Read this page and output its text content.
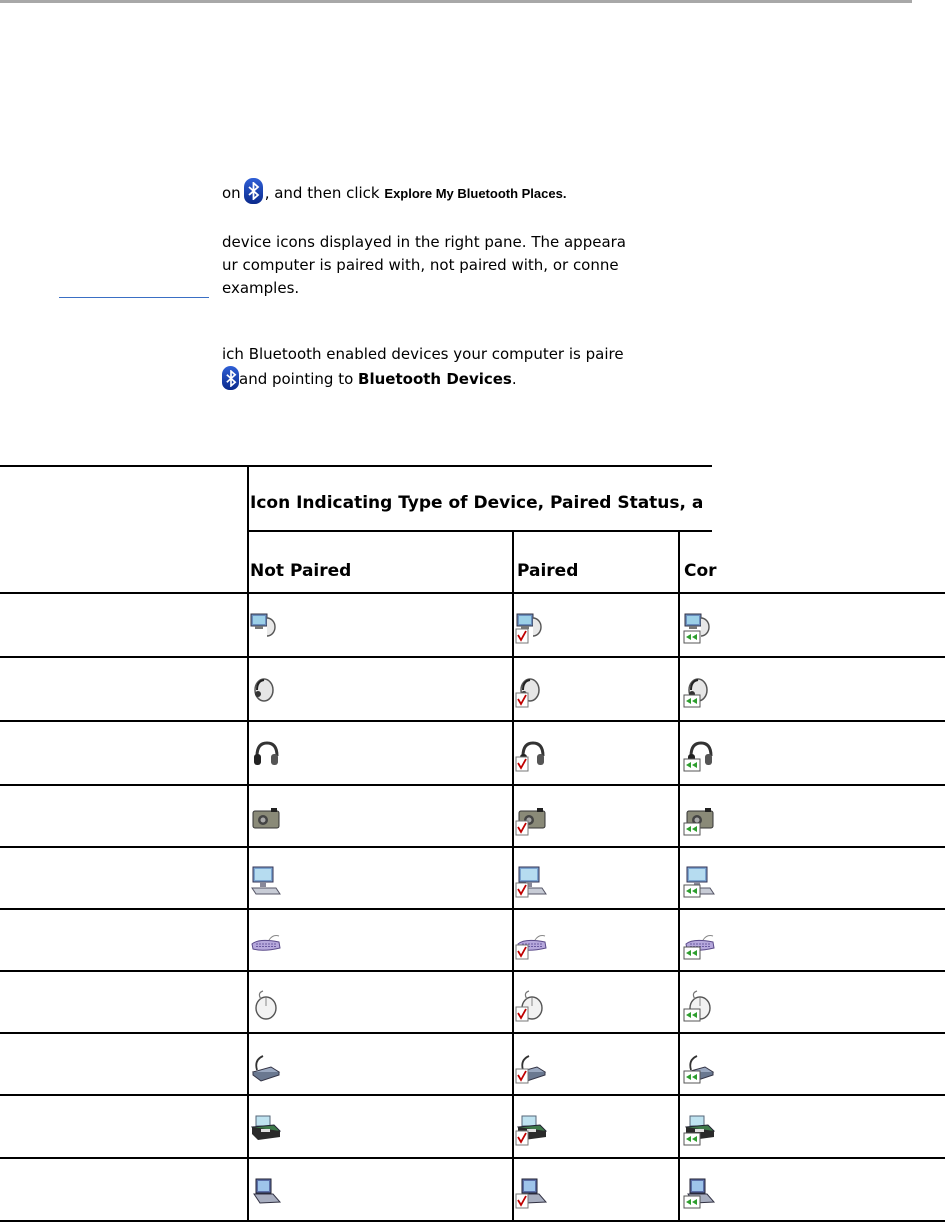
on , and then click Explore My Bluetooth Places.
device icons displayed in the right pane. The appeara
ur computer is paired with, not paired with, or conne
examples.
ich Bluetooth enabled devices your computer is paire
and pointing to Bluetooth Devices.
Icon Indicating Type of Device, Paired Status, a
Not Paired	Paired	Cor
